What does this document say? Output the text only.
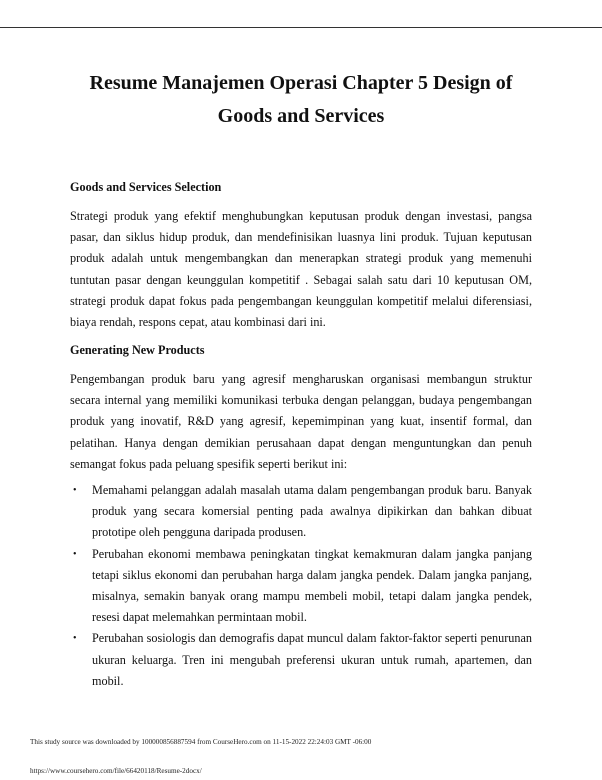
Resume Manajemen Operasi Chapter 5 Design of Goods and Services
Goods and Services Selection
Strategi produk yang efektif menghubungkan keputusan produk dengan investasi, pangsa pasar, dan siklus hidup produk, dan mendefinisikan luasnya lini produk. Tujuan keputusan produk adalah untuk mengembangkan dan menerapkan strategi produk yang memenuhi tuntutan pasar dengan keunggulan kompetitif . Sebagai salah satu dari 10 keputusan OM, strategi produk dapat fokus pada pengembangan keunggulan kompetitif melalui diferensiasi, biaya rendah, respons cepat, atau kombinasi dari ini.
Generating New Products
Pengembangan produk baru yang agresif mengharuskan organisasi membangun struktur secara internal yang memiliki komunikasi terbuka dengan pelanggan, budaya pengembangan produk yang inovatif, R&D yang agresif, kepemimpinan yang kuat, insentif formal, dan pelatihan. Hanya dengan demikian perusahaan dapat dengan menguntungkan dan penuh semangat fokus pada peluang spesifik seperti berikut ini:
• Memahami pelanggan adalah masalah utama dalam pengembangan produk baru. Banyak produk yang secara komersial penting pada awalnya dipikirkan dan bahkan dibuat prototipe oleh pengguna daripada produsen.
• Perubahan ekonomi membawa peningkatan tingkat kemakmuran dalam jangka panjang tetapi siklus ekonomi dan perubahan harga dalam jangka pendek. Dalam jangka panjang, misalnya, semakin banyak orang mampu membeli mobil, tetapi dalam jangka pendek, resesi dapat melemahkan permintaan mobil.
• Perubahan sosiologis dan demografis dapat muncul dalam faktor-faktor seperti penurunan ukuran keluarga. Tren ini mengubah preferensi ukuran untuk rumah, apartemen, dan mobil.
This study source was downloaded by 100000856887594 from CourseHero.com on 11-15-2022 22:24:03 GMT -06:00
https://www.coursehero.com/file/66420118/Resume-2docx/
